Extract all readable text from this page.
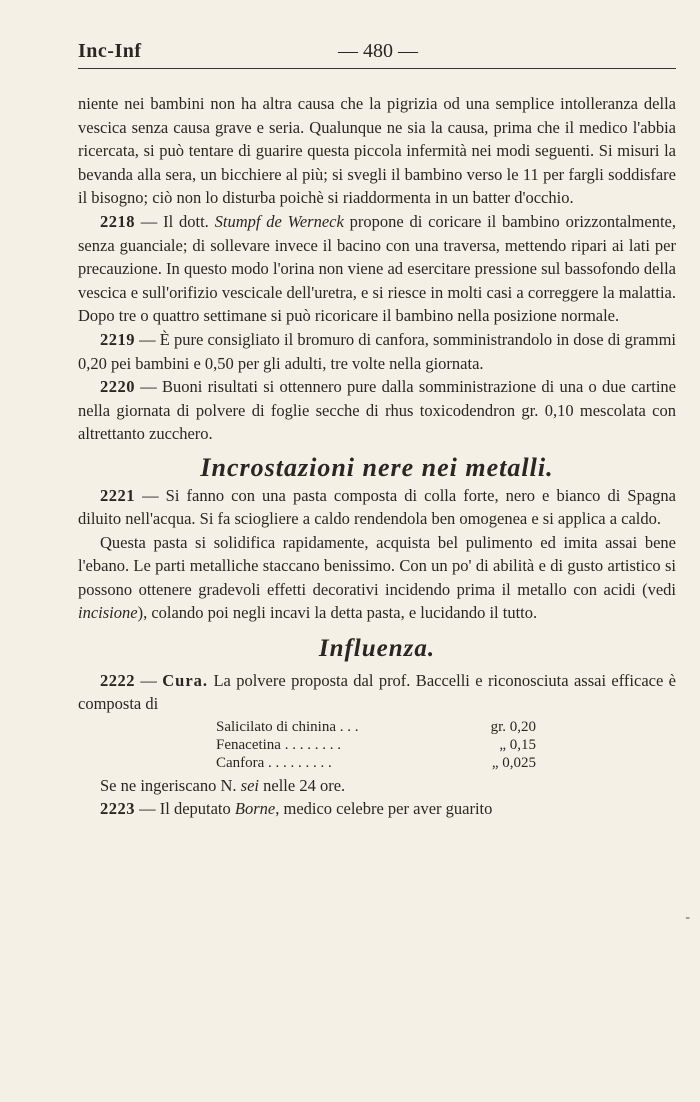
Inc-Inf	— 480 —

niente nei bambini non ha altra causa che la pigrizia od una semplice intolleranza della vescica senza causa grave e seria. Qualunque ne sia la causa, prima che il medico l'abbia ricercata, si può tentare di guarire questa piccola infermità nei modi seguenti. Si misuri la bevanda alla sera, un bicchiere al più; si svegli il bambino verso le 11 per fargli soddisfare il bisogno; ciò non lo disturba poichè si riaddormenta in un batter d'occhio.

2218 — Il dott. Stumpf de Werneck propone di coricare il bambino orizzontalmente, senza guanciale; di sollevare invece il bacino con una traversa, mettendo ripari ai lati per precauzione. In questo modo l'orina non viene ad esercitare pressione sul bassofondo della vescica e sull'orifizio vescicale dell'uretra, e si riesce in molti casi a correggere la malattia. Dopo tre o quattro settimane si può ricoricare il bambino nella posizione normale.

2219 — È pure consigliato il bromuro di canfora, somministrandolo in dose di grammi 0,20 pei bambini e 0,50 per gli adulti, tre volte nella giornata.

2220 — Buoni risultati si ottennero pure dalla somministrazione di una o due cartine nella giornata di polvere di foglie secche di rhus toxicodendron gr. 0,10 mescolata con altrettanto zucchero.

Incrostazioni nere nei metalli.

2221 — Si fanno con una pasta composta di colla forte, nero e bianco di Spagna diluito nell'acqua. Si fa sciogliere a caldo rendendola ben omogenea e si applica a caldo.

Questa pasta si solidifica rapidamente, acquista bel pulimento ed imita assai bene l'ebano. Le parti metalliche staccano benissimo. Con un po' di abilità e di gusto artistico si possono ottenere gradevoli effetti decorativi incidendo prima il metallo con acidi (vedi incisione), colando poi negli incavi la detta pasta, e lucidando il tutto.

Influenza.

2222 — Cura. La polvere proposta dal prof. Baccelli e riconosciuta assai efficace è composta di

Salicilato di chinina . . .	gr. 0,20
Fenacetina . . . . . . . .	„ 0,15
Canfora . . . . . . . . .	„ 0,025

Se ne ingeriscano N. sei nelle 24 ore.

2223 — Il deputato Borne, medico celebre per aver guarito

-
